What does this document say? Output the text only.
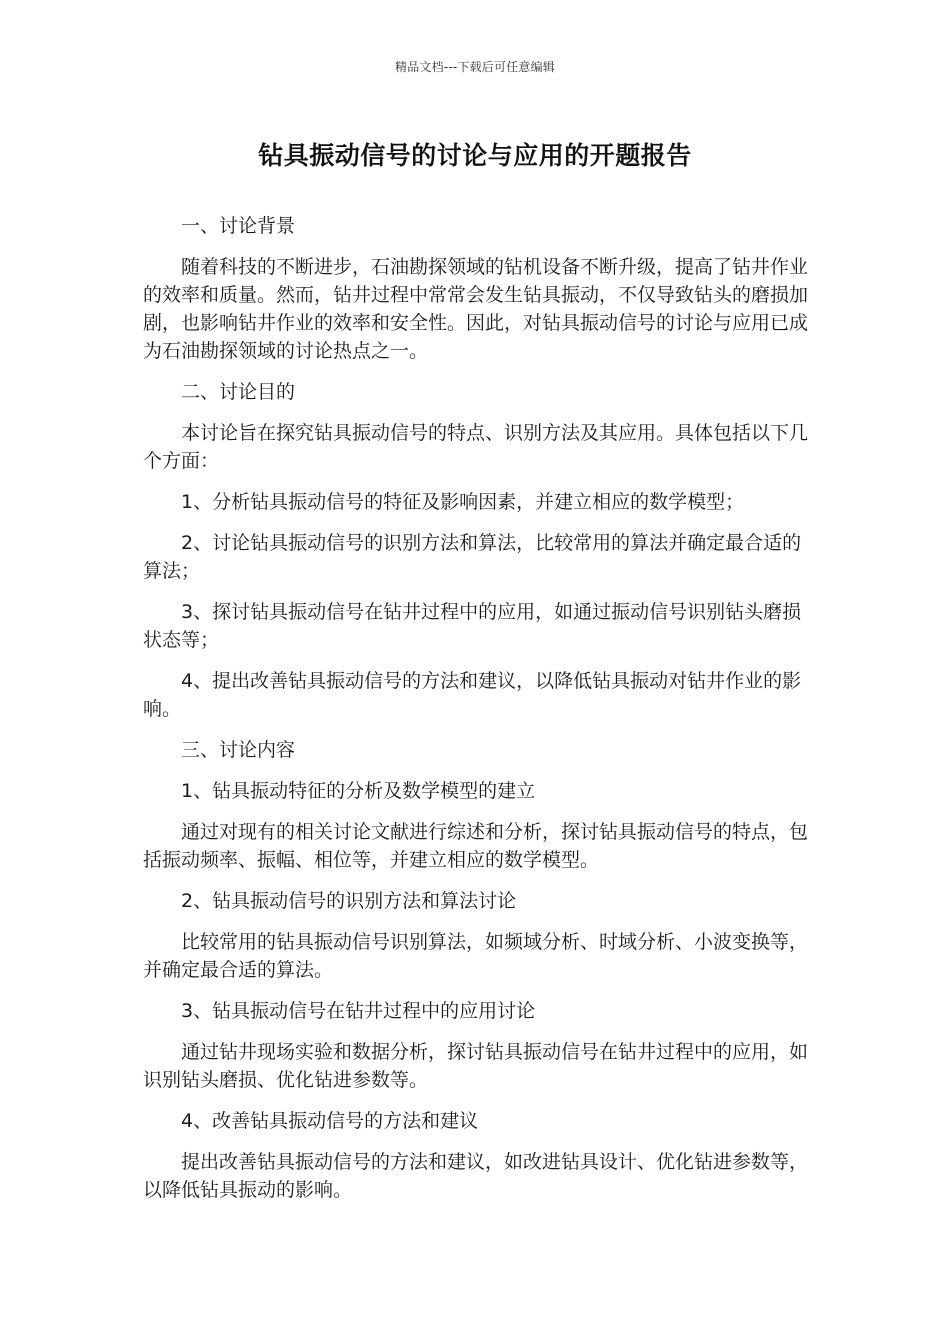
精品文档---下载后可任意编辑
钻具振动信号的讨论与应用的开题报告

一、讨论背景

随着科技的不断进步，石油勘探领域的钻机设备不断升级，提高了钻井作业的效率和质量。然而，钻井过程中常常会发生钻具振动，不仅导致钻头的磨损加剧，也影响钻井作业的效率和安全性。因此，对钻具振动信号的讨论与应用已成为石油勘探领域的讨论热点之一。

二、讨论目的

本讨论旨在探究钻具振动信号的特点、识别方法及其应用。具体包括以下几个方面：

1、分析钻具振动信号的特征及影响因素，并建立相应的数学模型；

2、讨论钻具振动信号的识别方法和算法，比较常用的算法并确定最合适的算法；

3、探讨钻具振动信号在钻井过程中的应用，如通过振动信号识别钻头磨损状态等；

4、提出改善钻具振动信号的方法和建议，以降低钻具振动对钻井作业的影响。

三、讨论内容

1、钻具振动特征的分析及数学模型的建立

通过对现有的相关讨论文献进行综述和分析，探讨钻具振动信号的特点，包括振动频率、振幅、相位等，并建立相应的数学模型。

2、钻具振动信号的识别方法和算法讨论

比较常用的钻具振动信号识别算法，如频域分析、时域分析、小波变换等，并确定最合适的算法。

3、钻具振动信号在钻井过程中的应用讨论

通过钻井现场实验和数据分析，探讨钻具振动信号在钻井过程中的应用，如识别钻头磨损、优化钻进参数等。

4、改善钻具振动信号的方法和建议

提出改善钻具振动信号的方法和建议，如改进钻具设计、优化钻进参数等，以降低钻具振动的影响。
